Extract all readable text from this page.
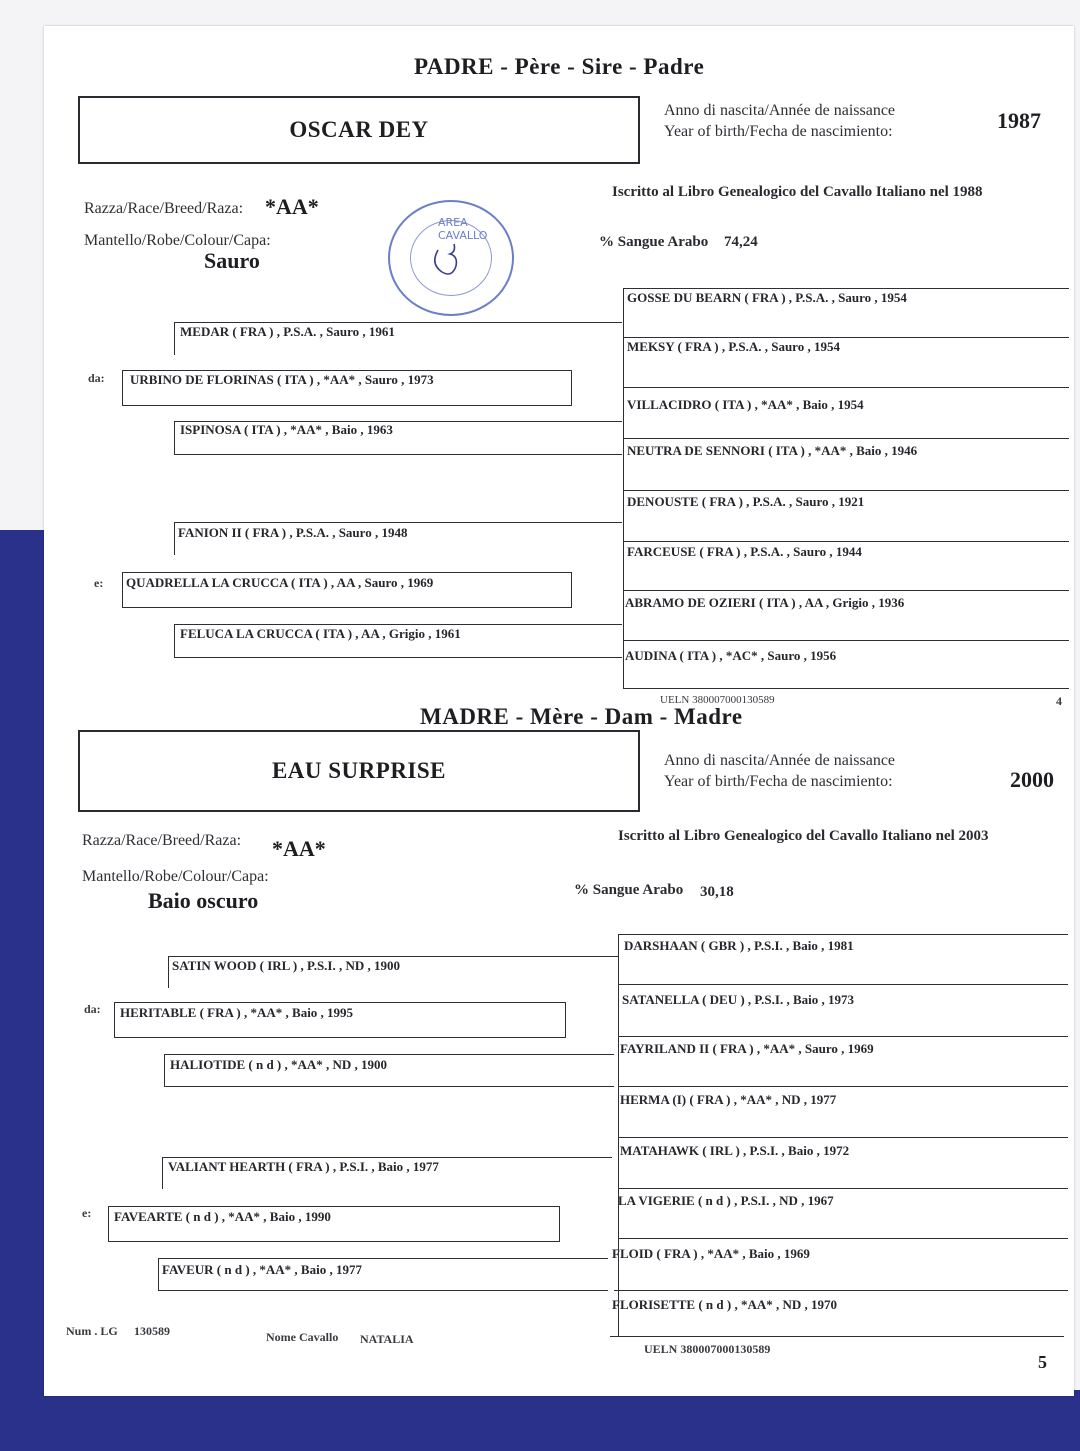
PADRE - Père - Sire - Padre
OSCAR DEY
Anno di nascita/Année de naissance
Year of birth/Fecha de nascimiento:	1987
Razza/Race/Breed/Raza: *AA*
Mantello/Robe/Colour/Capa:
Sauro
AREA CAVALLO
Iscritto al Libro Genealogico del Cavallo Italiano nel 1988
% Sangue Arabo 74,24
da:
e:
URBINO DE FLORINAS ( ITA ) , *AA* , Sauro , 1973
QUADRELLA LA CRUCCA ( ITA ) , AA , Sauro , 1969
MEDAR ( FRA ) , P.S.A. , Sauro , 1961
ISPINOSA ( ITA ) , *AA* , Baio , 1963
FANION II ( FRA ) , P.S.A. , Sauro , 1948
FELUCA LA CRUCCA ( ITA ) , AA , Grigio , 1961
GOSSE DU BEARN ( FRA ) , P.S.A. , Sauro , 1954
MEKSY ( FRA ) , P.S.A. , Sauro , 1954
VILLACIDRO ( ITA ) , *AA* , Baio , 1954
NEUTRA DE SENNORI ( ITA ) , *AA* , Baio , 1946
DENOUSTE ( FRA ) , P.S.A. , Sauro , 1921
FARCEUSE ( FRA ) , P.S.A. , Sauro , 1944
ABRAMO DE OZIERI ( ITA ) , AA , Grigio , 1936
AUDINA ( ITA ) , *AC* , Sauro , 1956
UELN 380007000130589	4
MADRE - Mère - Dam - Madre
EAU SURPRISE	Anno di nascita/Année de naissance
Year of birth/Fecha de nascimiento:	2000
Razza/Race/Breed/Raza: *AA*
Mantello/Robe/Colour/Capa:
Baio oscuro
Iscritto al Libro Genealogico del Cavallo Italiano nel 2003
% Sangue Arabo 30,18
da:
e:
HERITABLE ( FRA ) , *AA* , Baio , 1995
FAVEARTE ( n d ) , *AA* , Baio , 1990
SATIN WOOD ( IRL ) , P.S.I. , ND , 1900
HALIOTIDE ( n d ) , *AA* , ND , 1900
VALIANT HEARTH ( FRA ) , P.S.I. , Baio , 1977
FAVEUR ( n d ) , *AA* , Baio , 1977
DARSHAAN ( GBR ) , P.S.I. , Baio , 1981
SATANELLA ( DEU ) , P.S.I. , Baio , 1973
FAYRILAND II ( FRA ) , *AA* , Sauro , 1969
HERMA (I) ( FRA ) , *AA* , ND , 1977
MATAHAWK ( IRL ) , P.S.I. , Baio , 1972
LA VIGERIE ( n d ) , P.S.I. , ND , 1967
FLOID ( FRA ) , *AA* , Baio , 1969
FLORISETTE ( n d ) , *AA* , ND , 1970
Num . LG 130589	Nome Cavallo NATALIA
UELN 380007000130589
5
